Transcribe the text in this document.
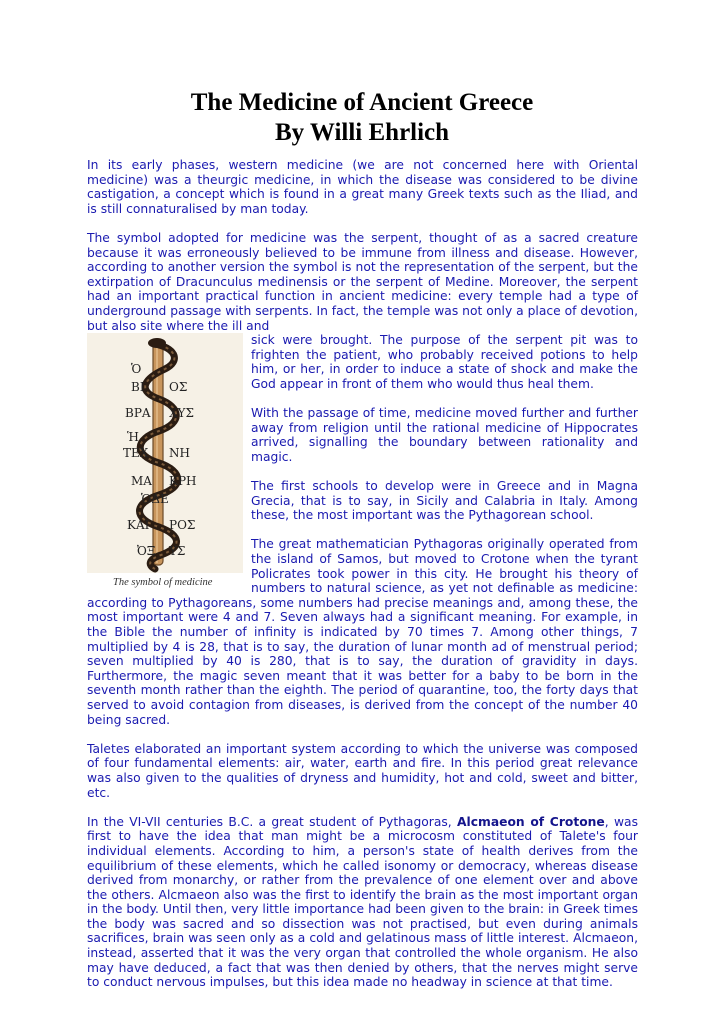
The Medicine of Ancient Greece
By Willi Ehrlich

In its early phases, western medicine (we are not concerned here with Oriental medicine) was a theurgic medicine, in which the disease was considered to be divine castigation, a concept which is found in a great many Greek texts such as the Iliad, and is still connaturalised by man today.

The symbol adopted for medicine was the serpent, thought of as a sacred creature because it was erroneously believed to be immune from illness and disease. However, according to another version the symbol is not the representation of the serpent, but the extirpation of Dracunculus medinensis or the serpent of Medine. Moreover, the serpent had an important practical function in ancient medicine: every temple had a type of underground passage with serpents. In fact, the temple was not only a place of devotion, but also site where the ill and

Ὁ
ΒΙ ΟΣ
ΒΡΑ ΧΥΣ
Ἡ
ΤΕΧ ΝΗ
ΜΑ ΚΡΗ
ὉΔΕ
ΚΑΙ ΡΟΣ
ὈΞ ΥΣ
The symbol of medicine
sick were brought. The purpose of the serpent pit was to frighten the patient, who probably received potions to help him, or her, in order to induce a state of shock and make the God appear in front of them who would thus heal them.

With the passage of time, medicine moved further and further away from religion until the rational medicine of Hippocrates arrived, signalling the boundary between rationality and magic.

The first schools to develop were in Greece and in Magna Grecia, that is to say, in Sicily and Calabria in Italy. Among these, the most important was the Pythagorean school.

The great mathematician Pythagoras originally operated from the island of Samos, but moved to Crotone when the tyrant Policrates took power in this city. He brought his theory of numbers to natural science, as yet not definable as medicine: according to Pythagoreans, some numbers had precise meanings and, among these, the most important were 4 and 7. Seven always had a significant meaning. For example, in the Bible the number of infinity is indicated by 70 times 7. Among other things, 7 multiplied by 4 is 28, that is to say, the duration of lunar month ad of menstrual period; seven multiplied by 40 is 280, that is to say, the duration of gravidity in days. Furthermore, the magic seven meant that it was better for a baby to be born in the seventh month rather than the eighth. The period of quarantine, too, the forty days that served to avoid contagion from diseases, is derived from the concept of the number 40 being sacred.

Taletes elaborated an important system according to which the universe was composed of four fundamental elements: air, water, earth and fire. In this period great relevance was also given to the qualities of dryness and humidity, hot and cold, sweet and bitter, etc.

In the VI-VII centuries B.C. a great student of Pythagoras, Alcmaeon of Crotone, was first to have the idea that man might be a microcosm constituted of Talete's four individual elements. According to him, a person's state of health derives from the equilibrium of these elements, which he called isonomy or democracy, whereas disease derived from monarchy, or rather from the prevalence of one element over and above the others. Alcmaeon also was the first to identify the brain as the most important organ in the body. Until then, very little importance had been given to the brain: in Greek times the body was sacred and so dissection was not practised, but even during animals sacrifices, brain was seen only as a cold and gelatinous mass of little interest. Alcmaeon, instead, asserted that it was the very organ that controlled the whole organism. He also may have deduced, a fact that was then denied by others, that the nerves might serve to conduct nervous impulses, but this idea made no headway in science at that time.
